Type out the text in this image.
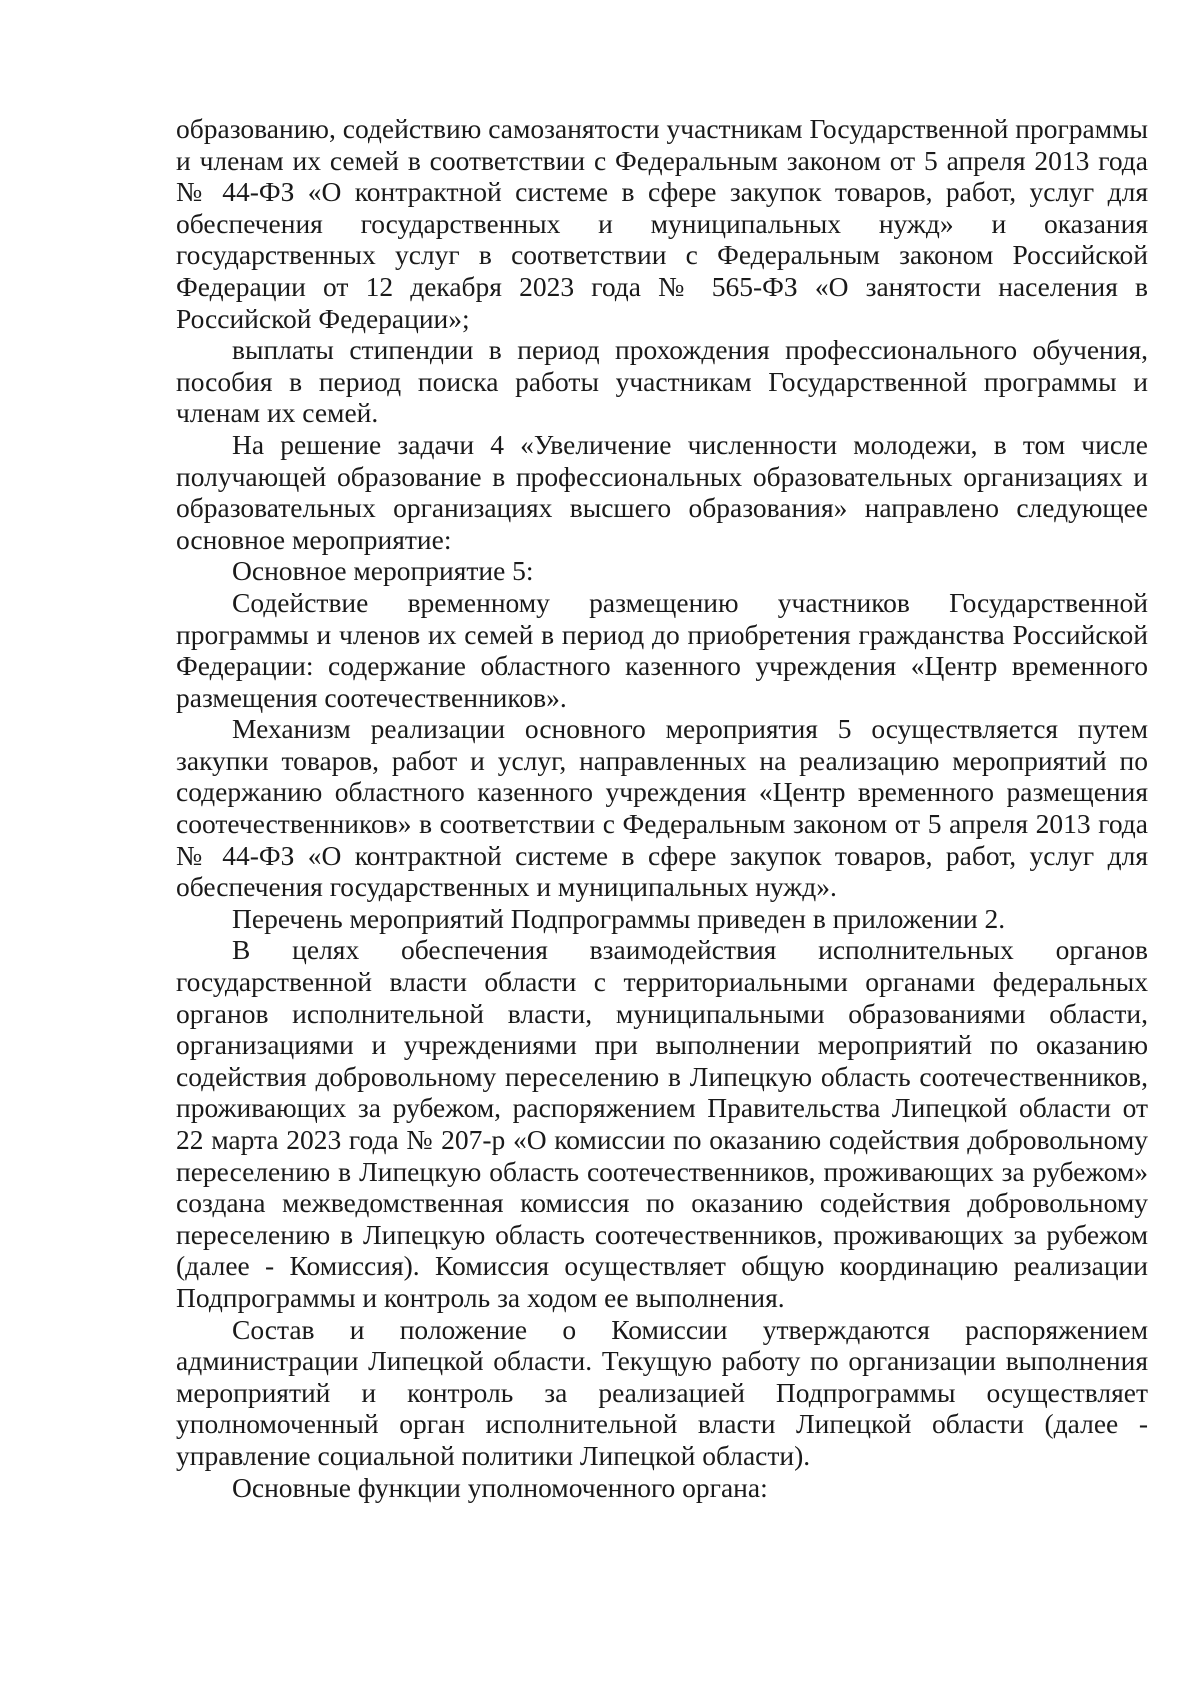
образованию, содействию самозанятости участникам Государственной программы и членам их семей в соответствии с Федеральным законом от 5 апреля 2013 года № 44-ФЗ «О контрактной системе в сфере закупок товаров, работ, услуг для обеспечения государственных и муниципальных нужд» и оказания государственных услуг в соответствии с Федеральным законом Российской Федерации от 12 декабря 2023 года № 565-ФЗ «О занятости населения в Российской Федерации»;

выплаты стипендии в период прохождения профессионального обучения, пособия в период поиска работы участникам Государственной программы и членам их семей.

На решение задачи 4 «Увеличение численности молодежи, в том числе получающей образование в профессиональных образовательных организациях и образовательных организациях высшего образования» направлено следующее основное мероприятие:

Основное мероприятие 5:

Содействие временному размещению участников Государственной программы и членов их семей в период до приобретения гражданства Российской Федерации: содержание областного казенного учреждения «Центр временного размещения соотечественников».

Механизм реализации основного мероприятия 5 осуществляется путем закупки товаров, работ и услуг, направленных на реализацию мероприятий по содержанию областного казенного учреждения «Центр временного размещения соотечественников» в соответствии с Федеральным законом от 5 апреля 2013 года № 44-ФЗ «О контрактной системе в сфере закупок товаров, работ, услуг для обеспечения государственных и муниципальных нужд».

Перечень мероприятий Подпрограммы приведен в приложении 2.

В целях обеспечения взаимодействия исполнительных органов государственной власти области с территориальными органами федеральных органов исполнительной власти, муниципальными образованиями области, организациями и учреждениями при выполнении мероприятий по оказанию содействия добровольному переселению в Липецкую область соотечественников, проживающих за рубежом, распоряжением Правительства Липецкой области от 22 марта 2023 года № 207-р «О комиссии по оказанию содействия добровольному переселению в Липецкую область соотечественников, проживающих за рубежом» создана межведомственная комиссия по оказанию содействия добровольному переселению в Липецкую область соотечественников, проживающих за рубежом (далее - Комиссия). Комиссия осуществляет общую координацию реализации Подпрограммы и контроль за ходом ее выполнения.

Состав и положение о Комиссии утверждаются распоряжением администрации Липецкой области. Текущую работу по организации выполнения мероприятий и контроль за реализацией Подпрограммы осуществляет уполномоченный орган исполнительной власти Липецкой области (далее - управление социальной политики Липецкой области).

Основные функции уполномоченного органа:
